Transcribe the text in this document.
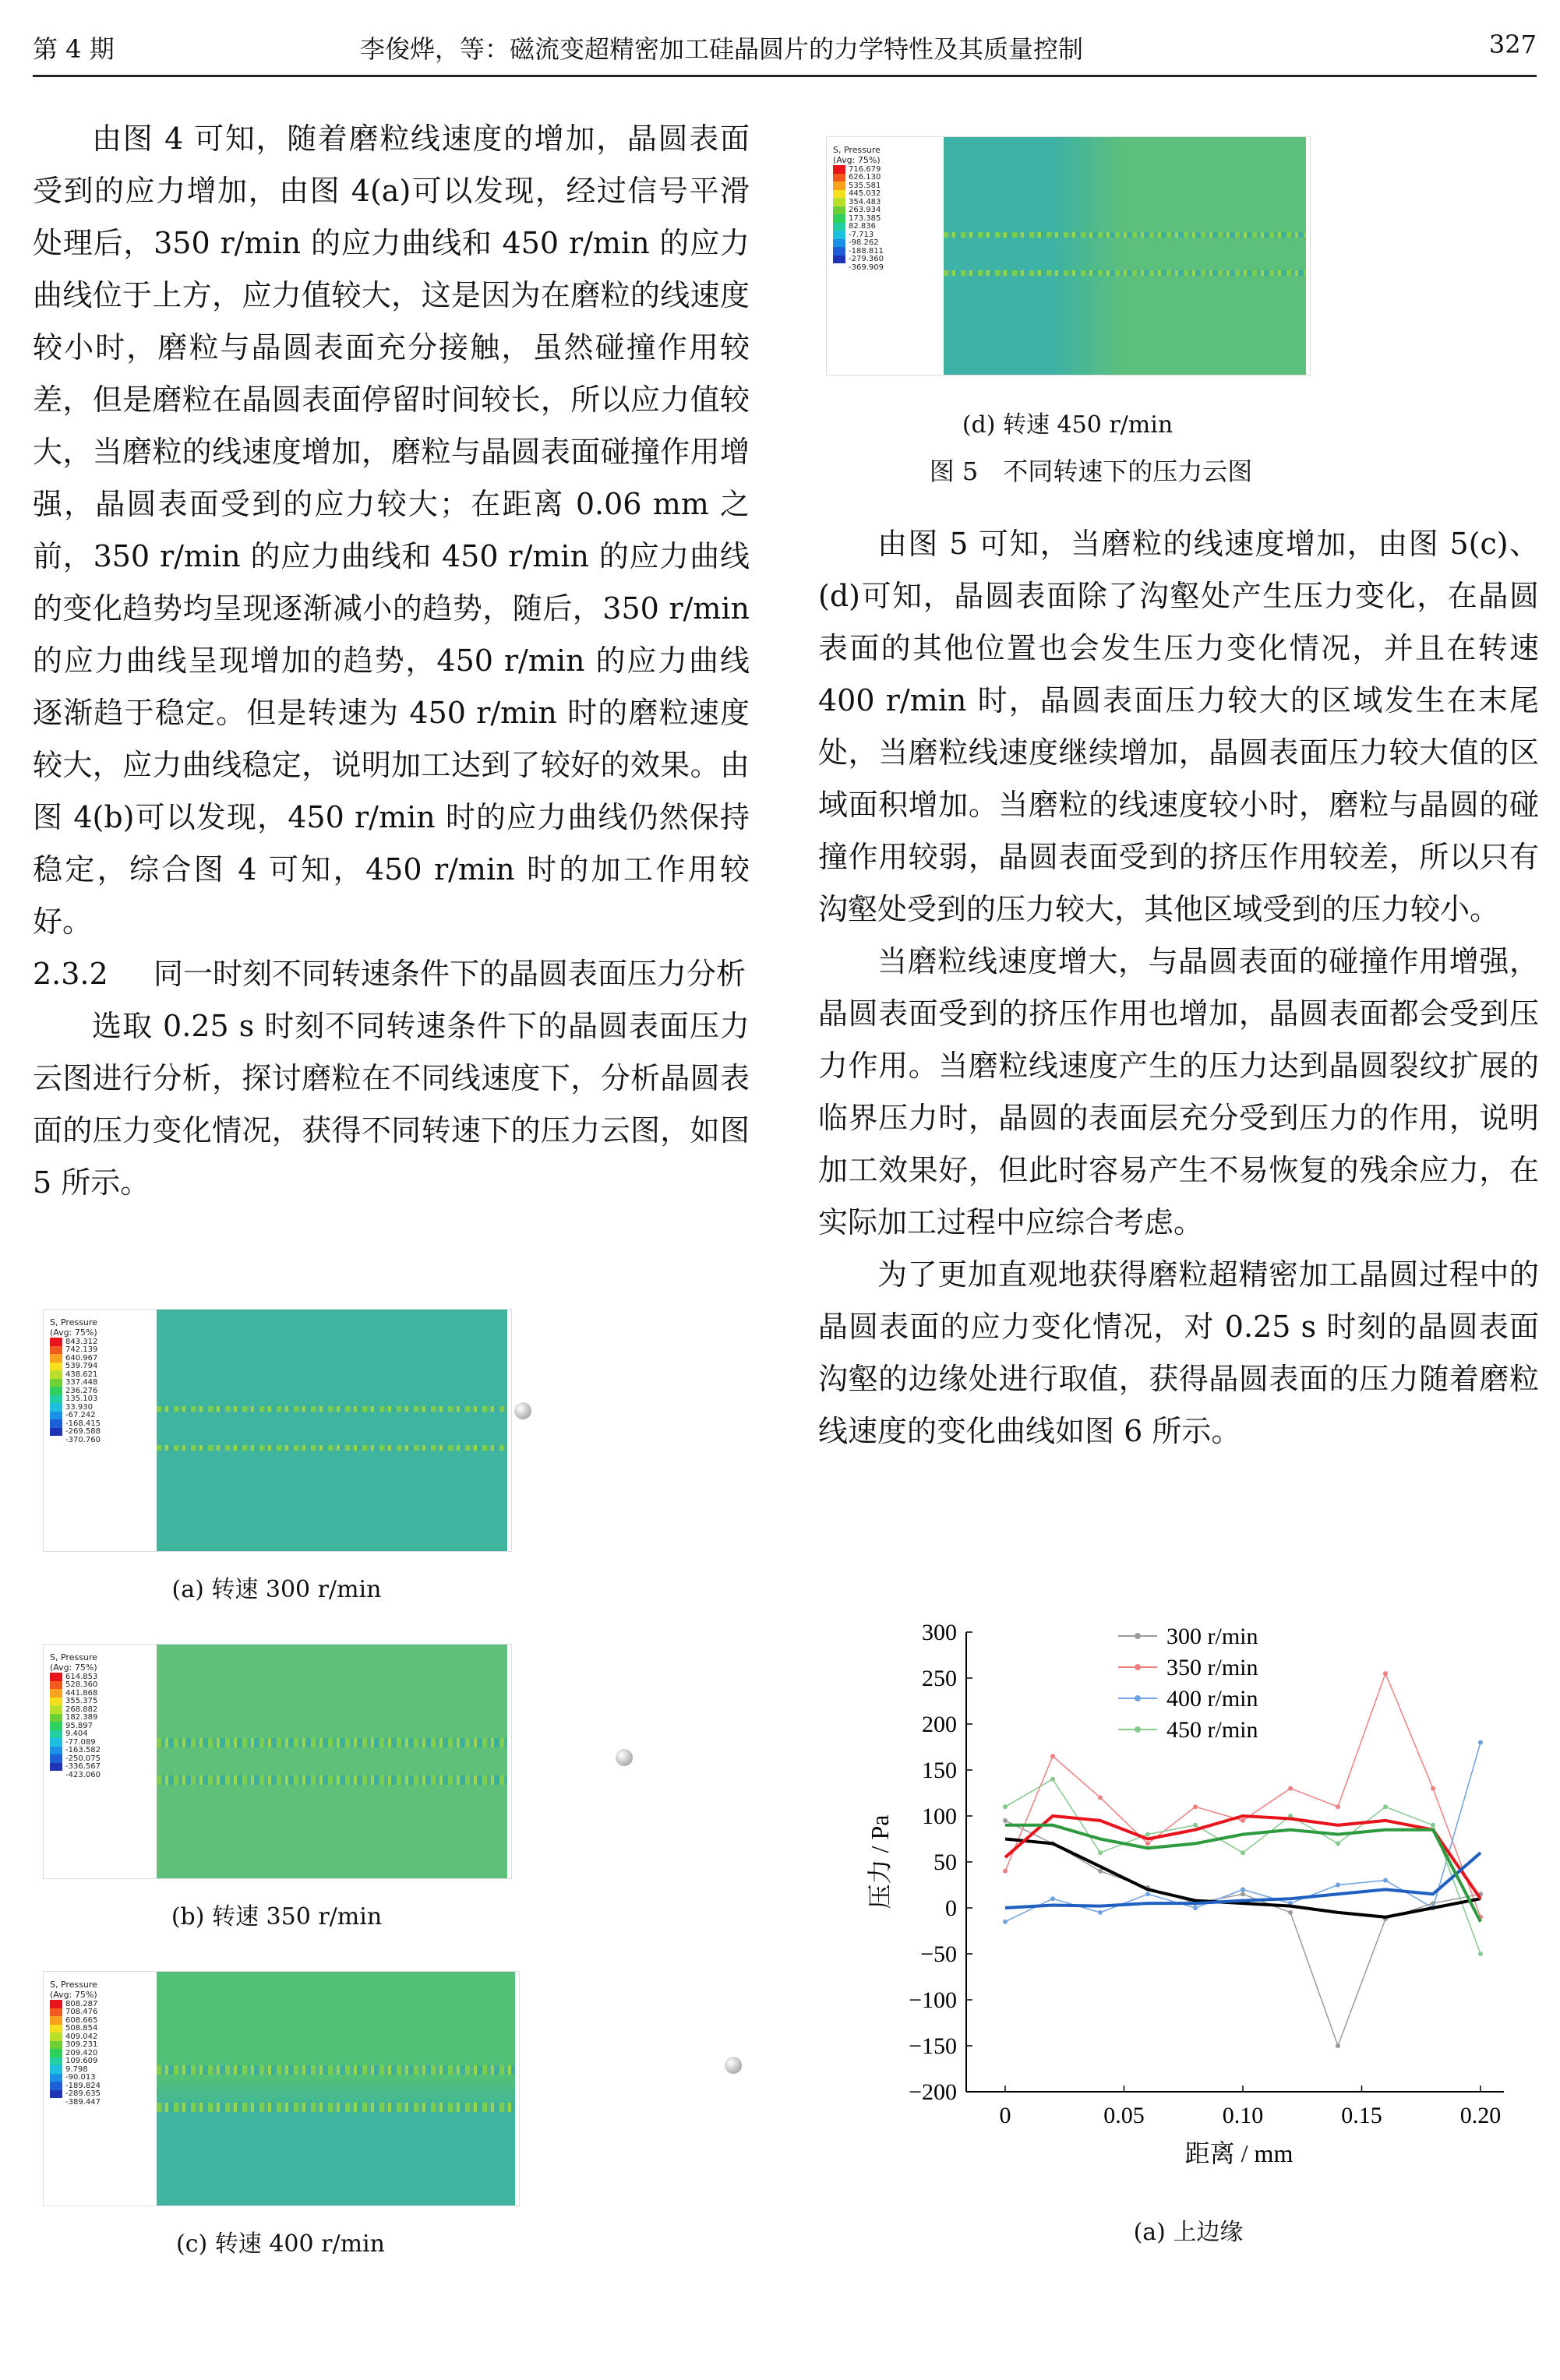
第 4 期	李俊烨，等：磁流变超精密加工硅晶圆片的力学特性及其质量控制	327

由图 4 可知，随着磨粒线速度的增加，晶圆表面受到的应力增加，由图 4(a)可以发现，经过信号平滑处理后，350 r/min 的应力曲线和 450 r/min 的应力曲线位于上方，应力值较大，这是因为在磨粒的线速度较小时，磨粒与晶圆表面充分接触，虽然碰撞作用较差，但是磨粒在晶圆表面停留时间较长，所以应力值较大，当磨粒的线速度增加，磨粒与晶圆表面碰撞作用增强，晶圆表面受到的应力较大；在距离 0.06 mm 之前，350 r/min 的应力曲线和 450 r/min 的应力曲线的变化趋势均呈现逐渐减小的趋势，随后，350 r/min 的应力曲线呈现增加的趋势，450 r/min 的应力曲线逐渐趋于稳定。但是转速为 450 r/min 时的磨粒速度较大，应力曲线稳定，说明加工达到了较好的效果。由图 4(b)可以发现，450 r/min 时的应力曲线仍然保持稳定，综合图 4 可知，450 r/min 时的加工作用较好。

2.3.2	同一时刻不同转速条件下的晶圆表面压力分析

选取 0.25 s 时刻不同转速条件下的晶圆表面压力云图进行分析，探讨磨粒在不同线速度下，分析晶圆表面的压力变化情况，获得不同转速下的压力云图，如图 5 所示。

由图 5 可知，当磨粒的线速度增加，由图 5(c)、(d)可知，晶圆表面除了沟壑处产生压力变化，在晶圆表面的其他位置也会发生压力变化情况，并且在转速 400 r/min 时，晶圆表面压力较大的区域发生在末尾处，当磨粒线速度继续增加，晶圆表面压力较大值的区域面积增加。当磨粒的线速度较小时，磨粒与晶圆的碰撞作用较弱，晶圆表面受到的挤压作用较差，所以只有沟壑处受到的压力较大，其他区域受到的压力较小。

当磨粒线速度增大，与晶圆表面的碰撞作用增强，晶圆表面受到的挤压作用也增加，晶圆表面都会受到压力作用。当磨粒线速度产生的压力达到晶圆裂纹扩展的临界压力时，晶圆的表面层充分受到压力的作用，说明加工效果好，但此时容易产生不易恢复的残余应力，在实际加工过程中应综合考虑。

为了更加直观地获得磨粒超精密加工晶圆过程中的晶圆表面的应力变化情况，对 0.25 s 时刻的晶圆表面沟壑的边缘处进行取值，获得晶圆表面的压力随着磨粒线速度的变化曲线如图 6 所示。

S, Pressure
(Avg: 75%)
843.312
742.139
640.967
539.794
438.621
337.448
236.276
135.103
33.930
-67.242
-168.415
-269.588
-370.760
(a) 转速 300 r/min
S, Pressure
(Avg: 75%)
614.853
528.360
441.868
355.375
268.882
182.389
95.897
9.404
-77.089
-163.582
-250.075
-336.567
-423.060
(b) 转速 350 r/min
S, Pressure
(Avg: 75%)
808.287
708.476
608.665
508.854
409.042
309.231
209.420
109.609
9.798
-90.013
-189.824
-289.635
-389.447
(c) 转速 400 r/min
S, Pressure
(Avg: 75%)
716.679
626.130
535.581
445.032
354.483
263.934
173.385
82.836
-7.713
-98.262
-188.811
-279.360
-369.909
(d) 转速 450 r/min
图 5　不同转速下的压力云图
300
250
200
150
100
50
0
−50
−100
−150
−200
0	0.05	0.10	0.15	0.20
距离 / mm
压力 / Pa
300 r/min
350 r/min
400 r/min
450 r/min
(a) 上边缘
